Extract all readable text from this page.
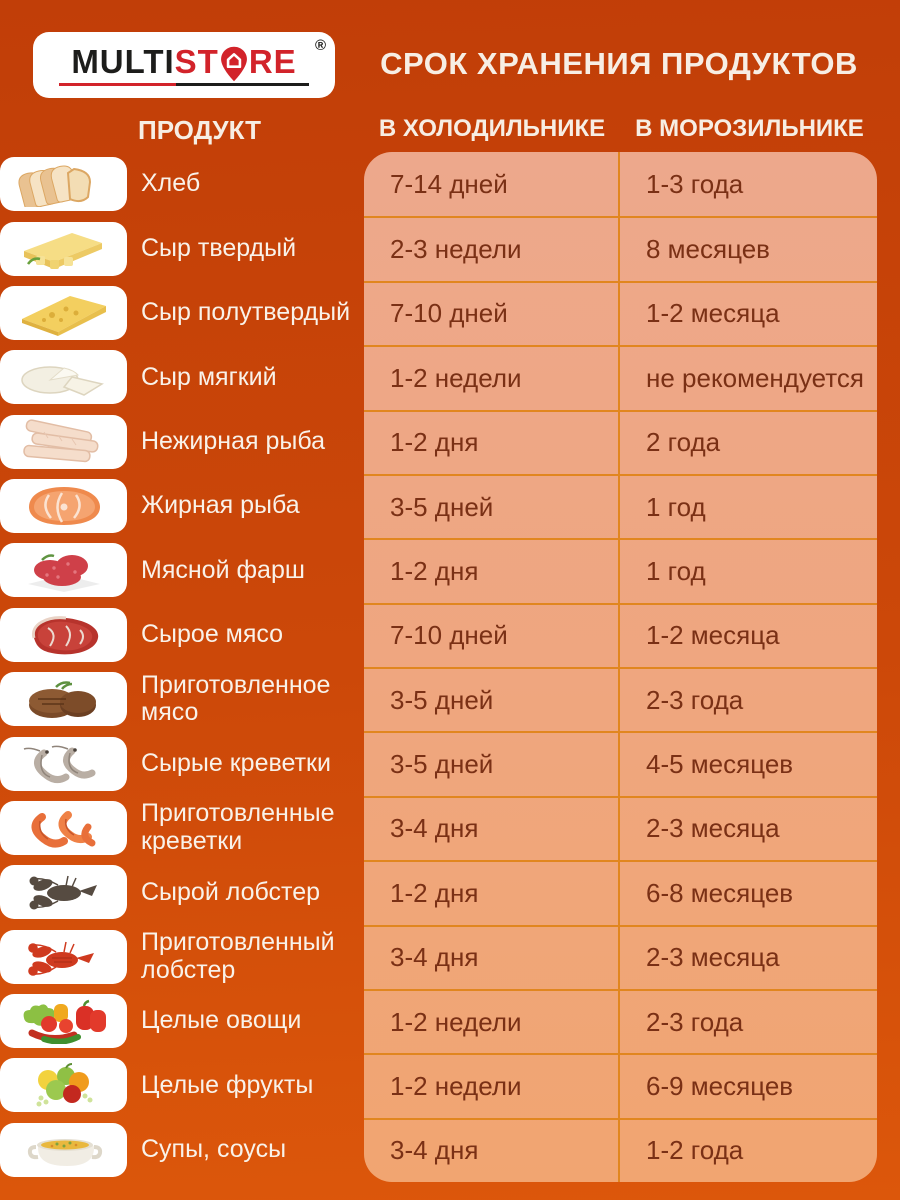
MULTI ST RE ®
СРОК ХРАНЕНИЯ ПРОДУКТОВ
ПРОДУКТ	В ХОЛОДИЛЬНИКЕ	В МОРОЗИЛЬНИКЕ
Хлеб	7-14 дней	1-3 года
Сыр твердый	2-3 недели	8 месяцев
Сыр полутвердый	7-10 дней	1-2 месяца
Сыр мягкий	1-2 недели	не рекомендуется
Нежирная рыба	1-2 дня	2 года
Жирная рыба	3-5 дней	1 год
Мясной фарш	1-2 дня	1 год
Сырое мясо	7-10 дней	1-2 месяца
Приготовленное мясо	3-5 дней	2-3 года
Сырые креветки	3-5 дней	4-5 месяцев
Приготовленные креветки	3-4 дня	2-3 месяца
Сырой лобстер	1-2 дня	6-8 месяцев
Приготовленный лобстер	3-4 дня	2-3 месяца
Целые овощи	1-2 недели	2-3 года
Целые фрукты	1-2 недели	6-9 месяцев
Супы, соусы	3-4 дня	1-2 года
